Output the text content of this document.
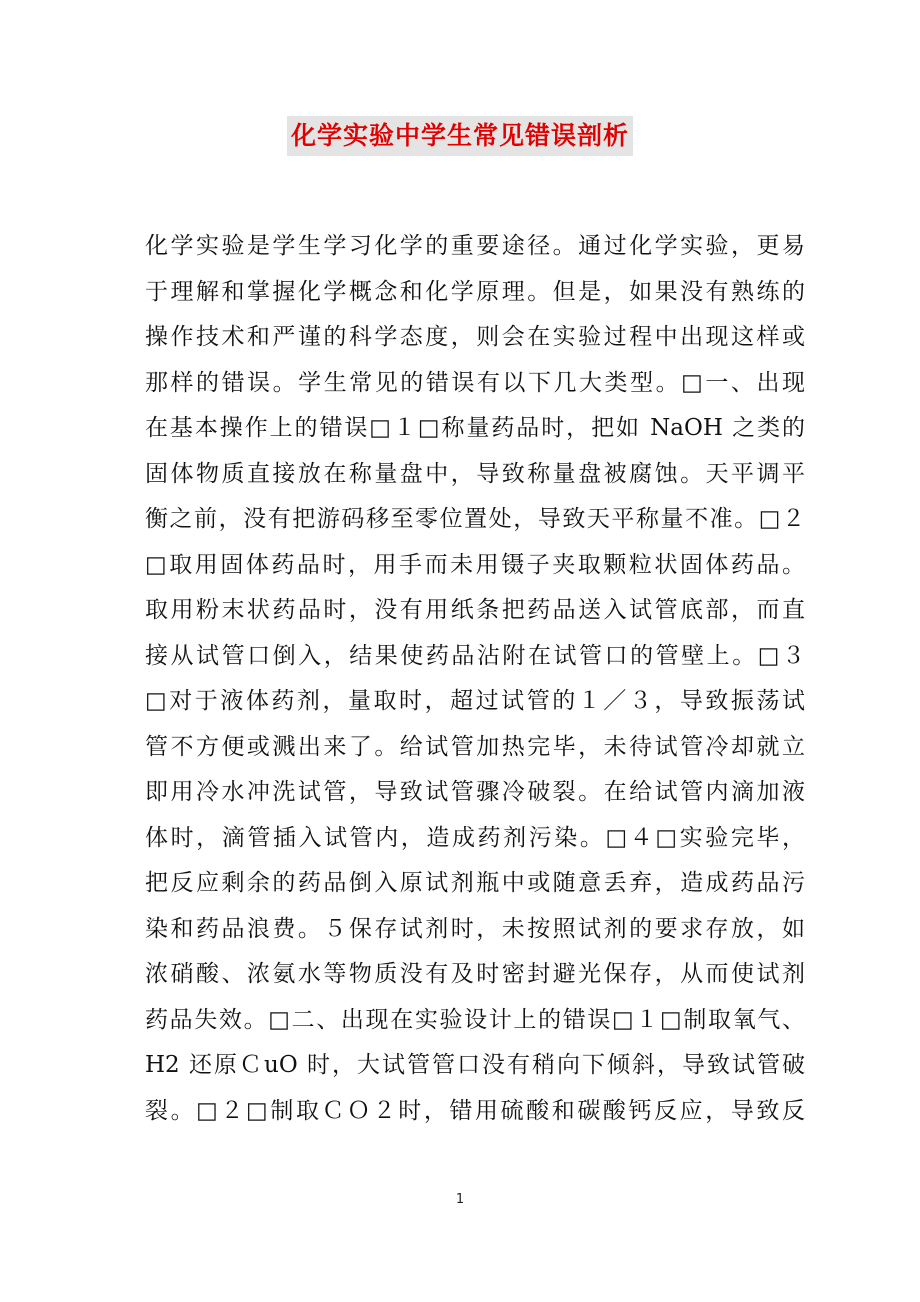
化学实验中学生常见错误剖析
化学实验是学生学习化学的重要途径。通过化学实验，更易
于理解和掌握化学概念和化学原理。但是，如果没有熟练的
操作技术和严谨的科学态度，则会在实验过程中出现这样或
那样的错误。学生常见的错误有以下几大类型。□一、出现
在基本操作上的错误□１□称量药品时，把如 NaOH 之类的
固体物质直接放在称量盘中，导致称量盘被腐蚀。天平调平
衡之前，没有把游码移至零位置处，导致天平称量不准。□２
□取用固体药品时，用手而未用镊子夹取颗粒状固体药品。
取用粉末状药品时，没有用纸条把药品送入试管底部，而直
接从试管口倒入，结果使药品沾附在试管口的管壁上。□３
□对于液体药剂，量取时，超过试管的１／３，导致振荡试
管不方便或溅出来了。给试管加热完毕，未待试管冷却就立
即用冷水冲洗试管，导致试管骤冷破裂。在给试管内滴加液
体时，滴管插入试管内，造成药剂污染。□４□实验完毕，
把反应剩余的药品倒入原试剂瓶中或随意丢弃，造成药品污
染和药品浪费。５保存试剂时，未按照试剂的要求存放，如
浓硝酸、浓氨水等物质没有及时密封避光保存，从而使试剂
药品失效。□二、出现在实验设计上的错误□１□制取氧气、
H2 还原ＣuO 时，大试管管口没有稍向下倾斜，导致试管破
裂。□２□制取ＣＯ２时，错用硫酸和碳酸钙反应，导致反
1
